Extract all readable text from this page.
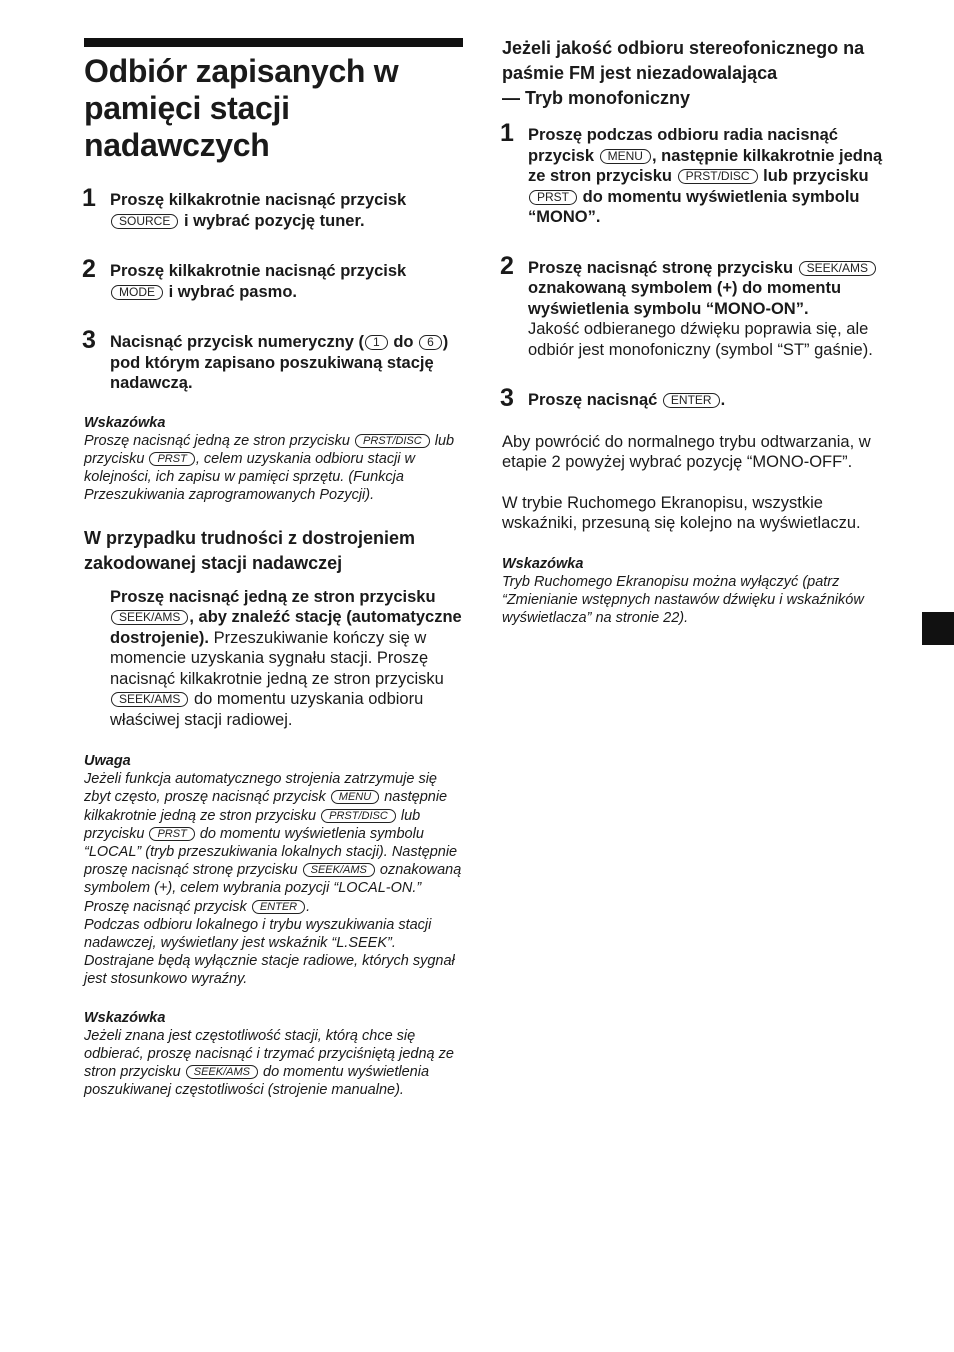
Odbiór zapisanych w pamięci stacji nadawczych
1 Proszę kilkakrotnie nacisnąć przycisk SOURCE i wybrać pozycję tuner.
2 Proszę kilkakrotnie nacisnąć przycisk MODE i wybrać pasmo.
3 Nacisnąć przycisk numeryczny ( 1 do 6 ) pod którym zapisano poszukiwaną stację nadawczą.
Wskazówka
Proszę nacisnąć jedną ze stron przycisku PRST/DISC lub przycisku PRST , celem uzyskania odbioru stacji w kolejności, ich zapisu w pamięci sprzętu. (Funkcja Przeszukiwania zaprogramowanych Pozycji).
W przypadku trudności z dostrojeniem zakodowanej stacji nadawczej
Proszę nacisnąć jedną ze stron przycisku SEEK/AMS , aby znaleźć stację (automatyczne dostrojenie). Przeszukiwanie kończy się w momencie uzyskania sygnału stacji. Proszę nacisnąć kilkakrotnie jedną ze stron przycisku SEEK/AMS do momentu uzyskania odbioru właściwej stacji radiowej.
Uwaga
Jeżeli funkcja automatycznego strojenia zatrzymuje się zbyt często, proszę nacisnąć przycisk MENU następnie kilkakrotnie jedną ze stron przycisku PRST/DISC lub przycisku PRST do momentu wyświetlenia symbolu “LOCAL” (tryb przeszukiwania lokalnych stacji). Następnie proszę nacisnąć stronę przycisku SEEK/AMS oznakowaną symbolem (+), celem wybrania pozycji “LOCAL-ON.” Proszę nacisnąć przycisk ENTER .
Podczas odbioru lokalnego i trybu wyszukiwania stacji nadawczej, wyświetlany jest wskaźnik “L.SEEK”.
Dostrajane będą wyłącznie stacje radiowe, których sygnał jest stosunkowo wyraźny.
Wskazówka
Jeżeli znana jest częstotliwość stacji, którą chce się odbierać, proszę nacisnąć i trzymać przyciśniętą jedną ze stron przycisku SEEK/AMS do momentu wyświetlenia poszukiwanej częstotliwości (strojenie manualne).
Jeżeli jakość odbioru stereofonicznego na paśmie FM jest niezadowalająca
— Tryb monofoniczny
1 Proszę podczas odbioru radia nacisnąć przycisk MENU , następnie kilkakrotnie jedną ze stron przycisku PRST/DISC lub przycisku PRST do momentu wyświetlenia symbolu “MONO”.
2 Proszę nacisnąć stronę przycisku SEEK/AMS oznakowaną symbolem (+) do momentu wyświetlenia symbolu “MONO-ON”.
Jakość odbieranego dźwięku poprawia się, ale odbiór jest monofoniczny (symbol “ST” gaśnie).
3 Proszę nacisnąć ENTER .

Aby powrócić do normalnego trybu odtwarzania, w etapie 2 powyżej wybrać pozycję “MONO-OFF”.

W trybie Ruchomego Ekranopisu, wszystkie wskaźniki, przesuną się kolejno na wyświetlaczu.

Wskazówka
Tryb Ruchomego Ekranopisu można wyłączyć (patrz “Zmienianie wstępnych nastawów dźwięku i wskaźników wyświetlacza” na stronie 22).
